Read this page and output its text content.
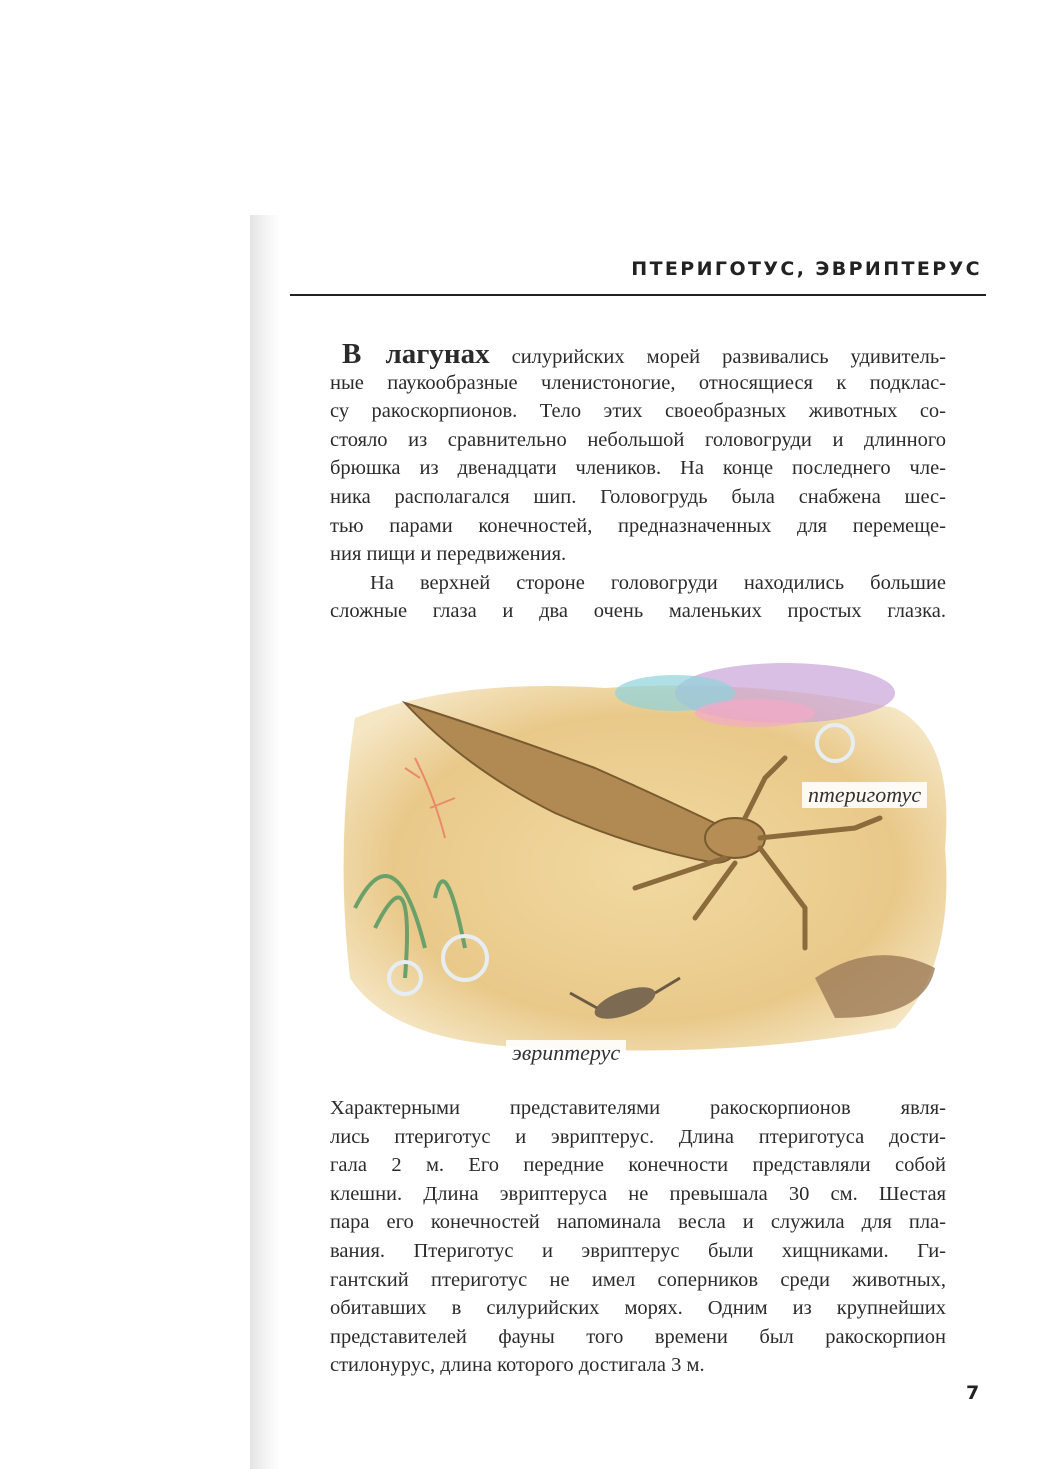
ПТЕРИГОТУС, ЭВРИПТЕРУС
В лагунах силурийских морей развивались удивитель-
ные паукообразные членистоногие, относящиеся к подклас-
су ракоскорпионов. Тело этих своеобразных животных со-
стояло из сравнительно небольшой головогруди и длинного
брюшка из двенадцати члеников. На конце последнего чле-
ника располагался шип. Головогрудь была снабжена шес-
тью парами конечностей, предназначенных для перемеще-
ния пищи и передвижения.
На верхней стороне головогруди находились большие
сложные глаза и два очень маленьких простых глазка.
птериготус
эвриптерус
Характерными представителями ракоскорпионов явля-
лись птериготус и эвриптерус. Длина птериготуса дости-
гала 2 м. Его передние конечности представляли собой
клешни. Длина эвриптеруса не превышала 30 см. Шестая
пара его конечностей напоминала весла и служила для пла-
вания. Птериготус и эвриптерус были хищниками. Ги-
гантский птериготус не имел соперников среди животных,
обитавших в силурийских морях. Одним из крупнейших
представителей фауны того времени был ракоскорпион
стилонурус, длина которого достигала 3 м.
7
